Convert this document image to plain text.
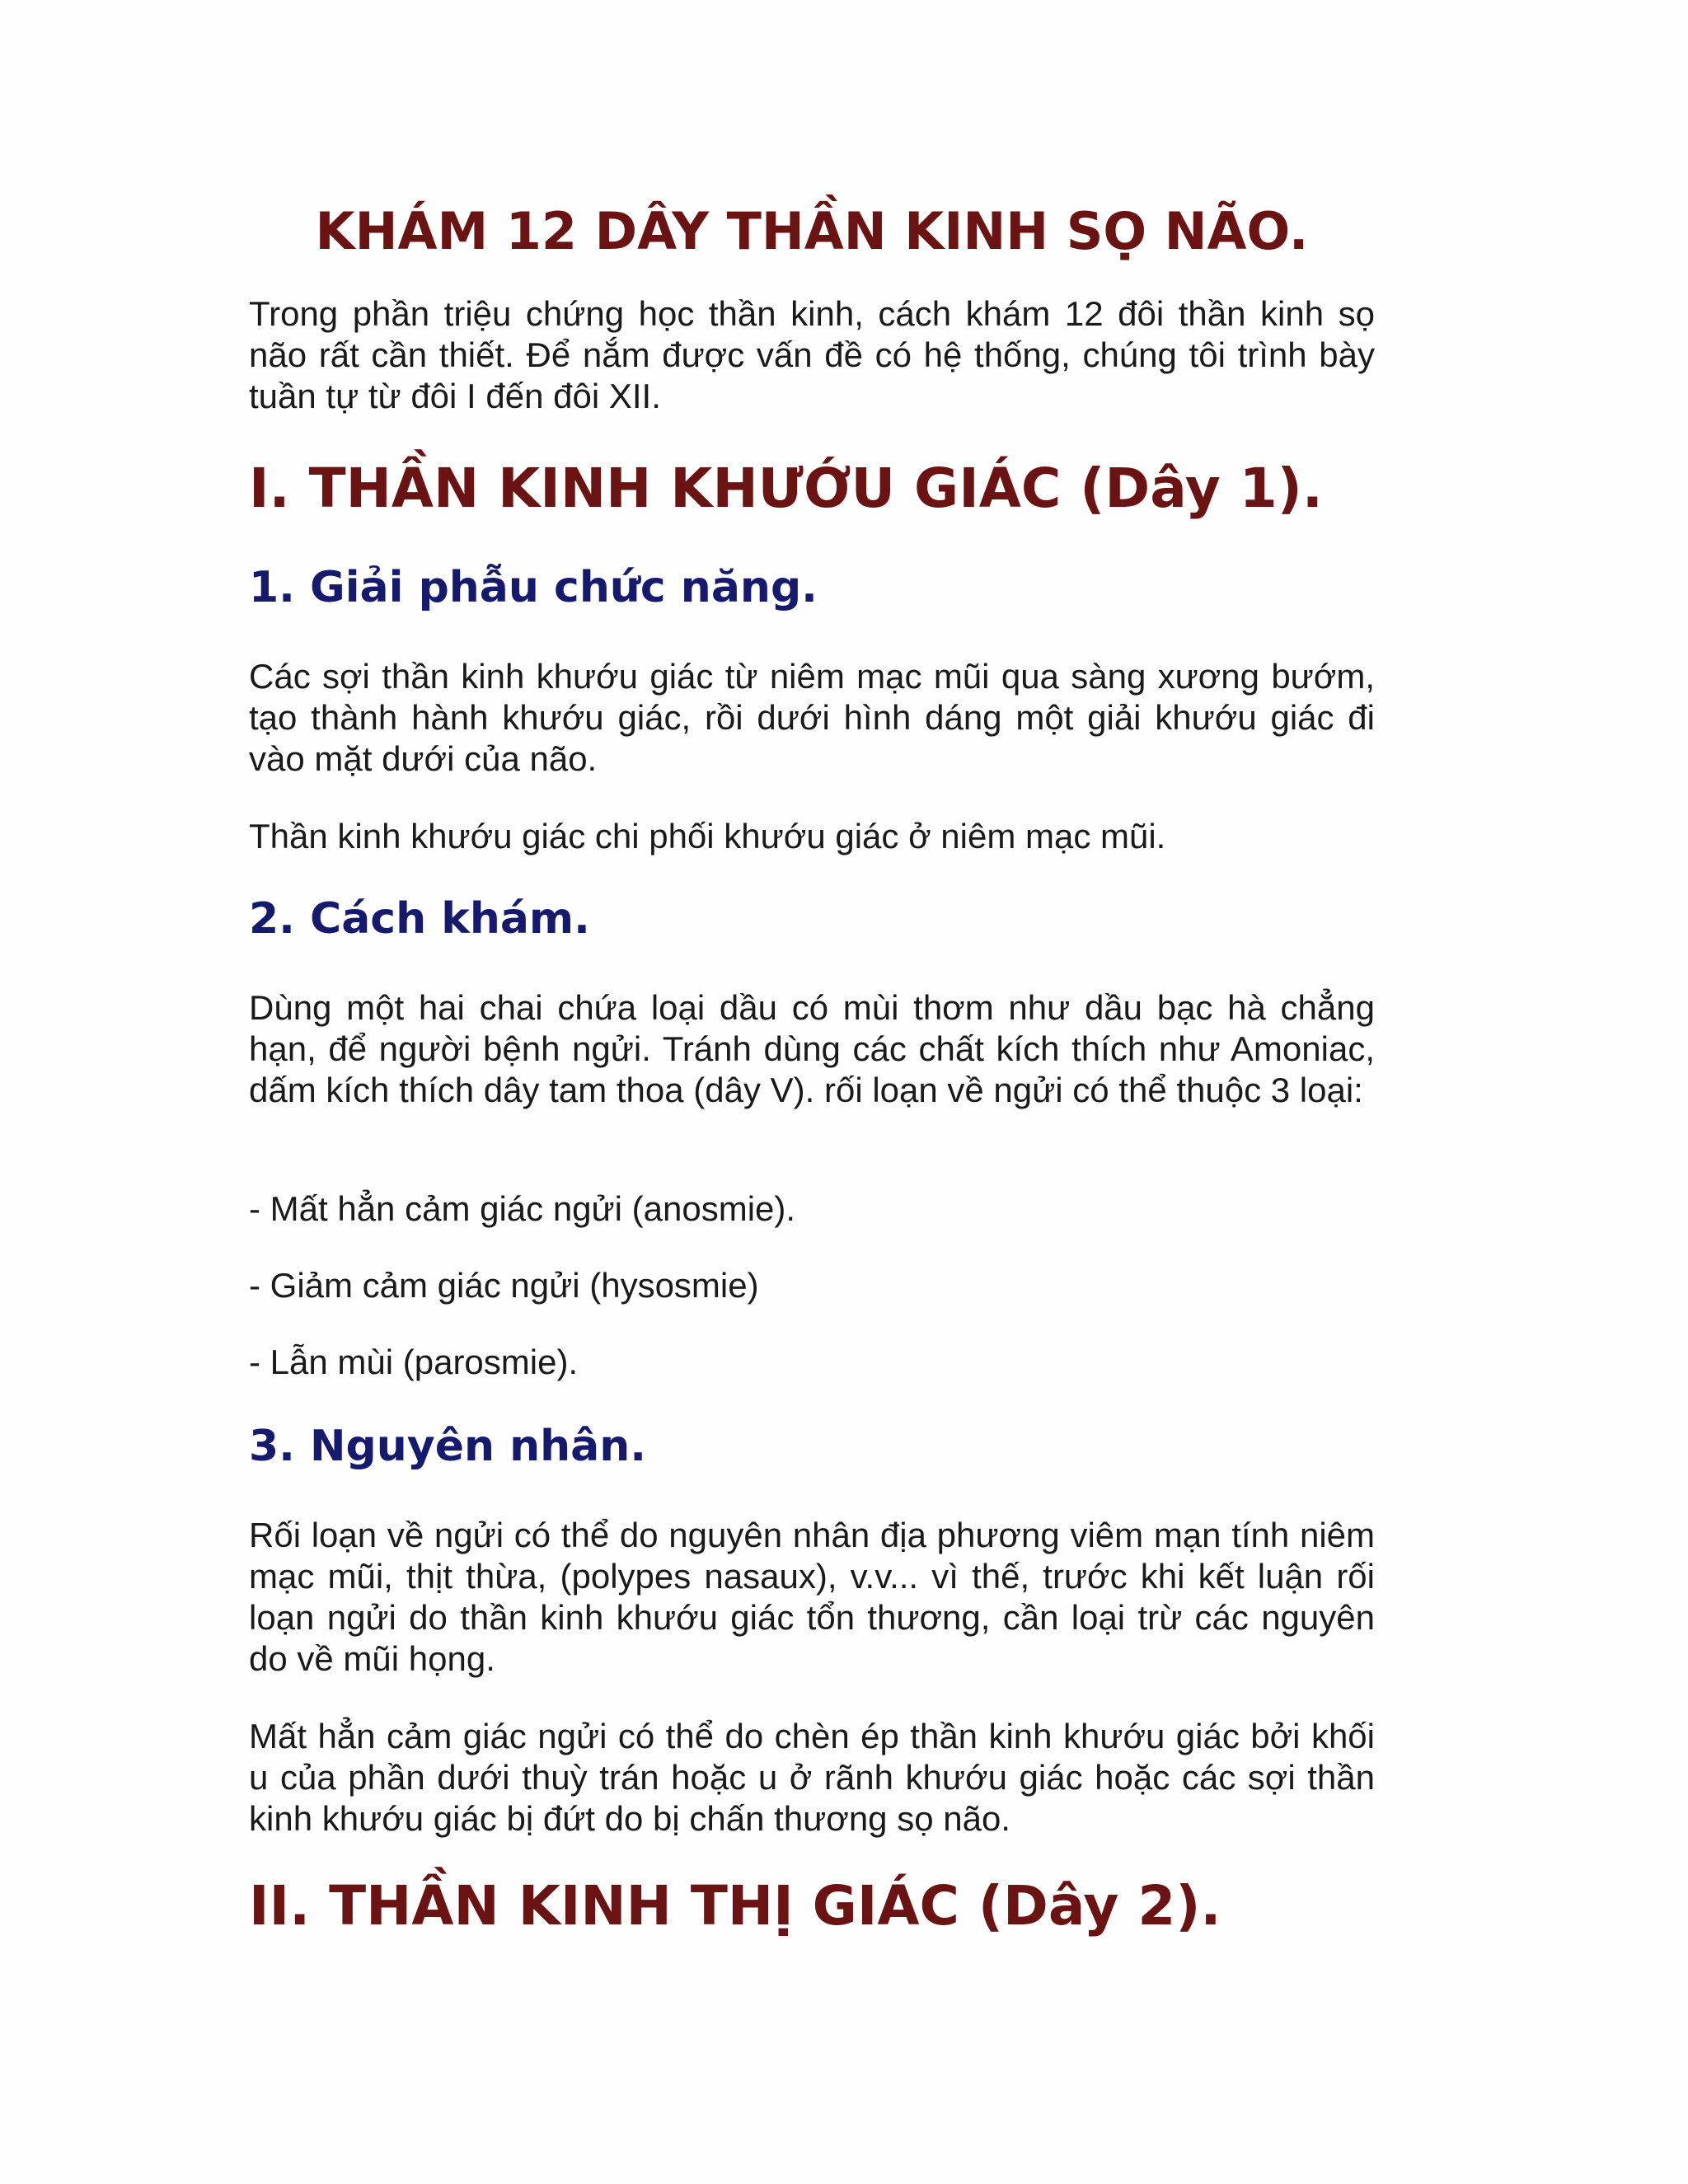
KHÁM 12 DÂY THẦN KINH SỌ NÃO.

Trong phần triệu chứng học thần kinh, cách khám 12 đôi thần kinh sọ não rất cần thiết. Để nắm được vấn đề có hệ thống, chúng tôi trình bày tuần tự từ đôi I đến đôi XII.

I. THẦN KINH KHƯỚU GIÁC (Dây 1).
1. Giải phẫu chức năng.

Các sợi thần kinh khướu giác từ niêm mạc mũi qua sàng xương bướm, tạo thành hành khướu giác, rồi dưới hình dáng một giải khướu giác đi vào mặt dưới của não.

Thần kinh khướu giác chi phối khướu giác ở niêm mạc mũi.

2. Cách khám.

Dùng một hai chai chứa loại dầu có mùi thơm như dầu bạc hà chẳng hạn, để người bệnh ngửi. Tránh dùng các chất kích thích như Amoniac, dấm kích thích dây tam thoa (dây V). rối loạn về ngửi có thể thuộc 3 loại:

- Mất hẳn cảm giác ngửi (anosmie).

- Giảm cảm giác ngửi (hysosmie)

- Lẫn mùi (parosmie).

3. Nguyên nhân.

Rối loạn về ngửi có thể do nguyên nhân địa phương viêm mạn tính niêm mạc mũi, thịt thừa, (polypes nasaux), v.v... vì thế, trước khi kết luận rối loạn ngửi do thần kinh khướu giác tổn thương, cần loại trừ các nguyên do về mũi họng.

Mất hẳn cảm giác ngửi có thể do chèn ép thần kinh khướu giác bởi khối u của phần dưới thuỳ trán hoặc u ở rãnh khướu giác hoặc các sợi thần kinh khướu giác bị đứt do bị chấn thương sọ não.

II. THẦN KINH THỊ GIÁC (Dây 2).
